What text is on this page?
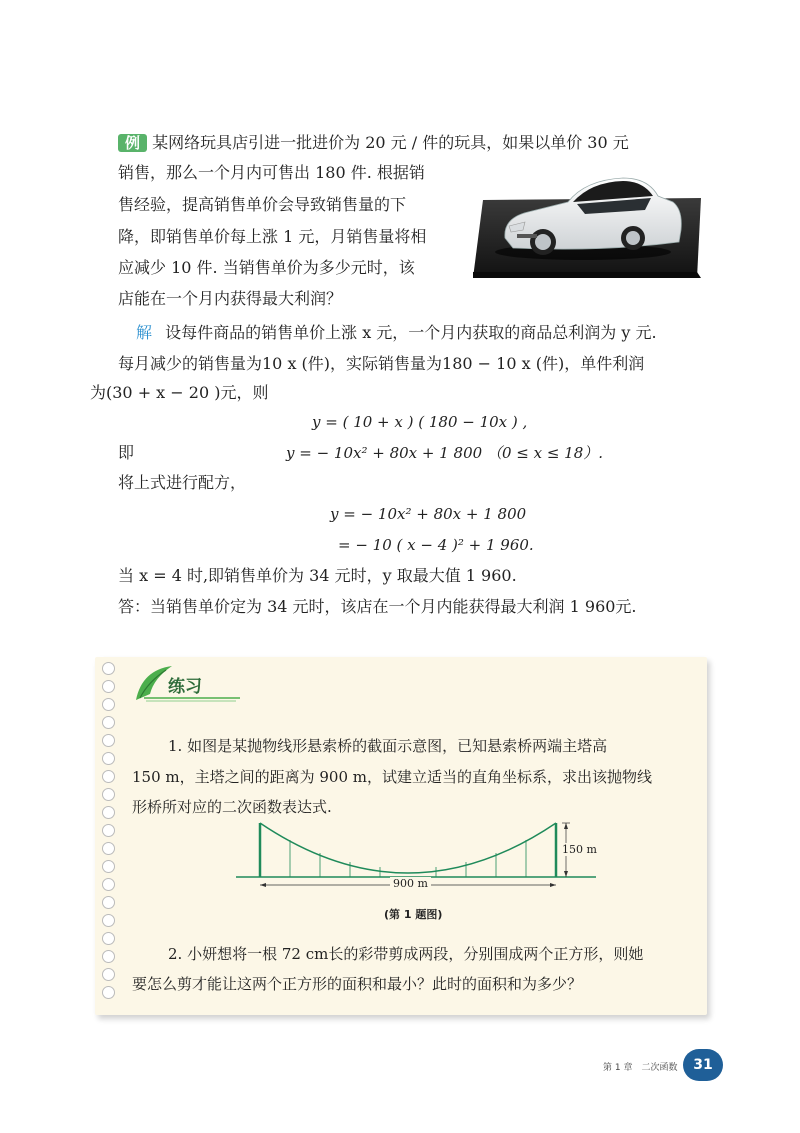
例 某网络玩具店引进一批进价为 20 元 / 件的玩具，如果以单价 30 元
销售，那么一个月内可售出 180 件. 根据销
售经验，提高销售单价会导致销售量的下
降，即销售单价每上涨 1 元，月销售量将相
应减少 10 件. 当销售单价为多少元时，该
店能在一个月内获得最大利润？
解 设每件商品的销售单价上涨 x 元，一个月内获取的商品总利润为 y 元.
每月减少的销售量为10 x (件)，实际销售量为180 − 10 x (件)，单件利润
为(30 + x − 20 )元，则
y = ( 10 + x ) ( 180 − 10x ) ,
即	y = − 10x² + 80x + 1 800 （0 ≤ x ≤ 18）.
将上式进行配方，
y = − 10x² + 80x + 1 800
= − 10 ( x − 4 )² + 1 960.
当 x = 4 时,即销售单价为 34 元时，y 取最大值 1 960.
答：当销售单价定为 34 元时，该店在一个月内能获得最大利润 1 960元.
练习
1. 如图是某抛物线形悬索桥的截面示意图，已知悬索桥两端主塔高
150 m，主塔之间的距离为 900 m，试建立适当的直角坐标系，求出该抛物线
形桥所对应的二次函数表达式.
150 m
900 m
(第 1 题图)
2. 小妍想将一根 72 cm长的彩带剪成两段，分别围成两个正方形，则她
要怎么剪才能让这两个正方形的面积和最小？此时的面积和为多少？
第 1 章　二次函数	31
